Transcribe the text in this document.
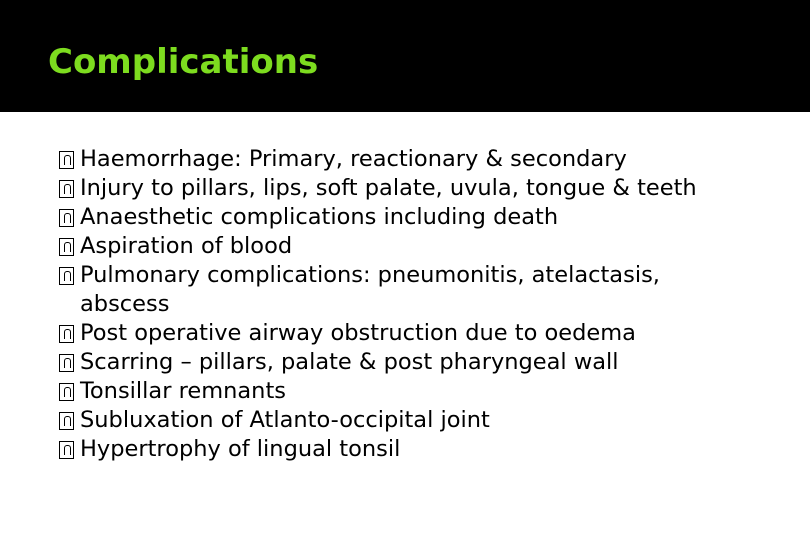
Complications
Haemorrhage: Primary, reactionary & secondary
Injury to pillars, lips, soft palate, uvula, tongue & teeth
Anaesthetic complications including death
Aspiration of blood
Pulmonary complications: pneumonitis, atelactasis, abscess
Post operative airway obstruction due to oedema
Scarring – pillars, palate & post pharyngeal wall
Tonsillar remnants
Subluxation of Atlanto-occipital joint
Hypertrophy of lingual tonsil
